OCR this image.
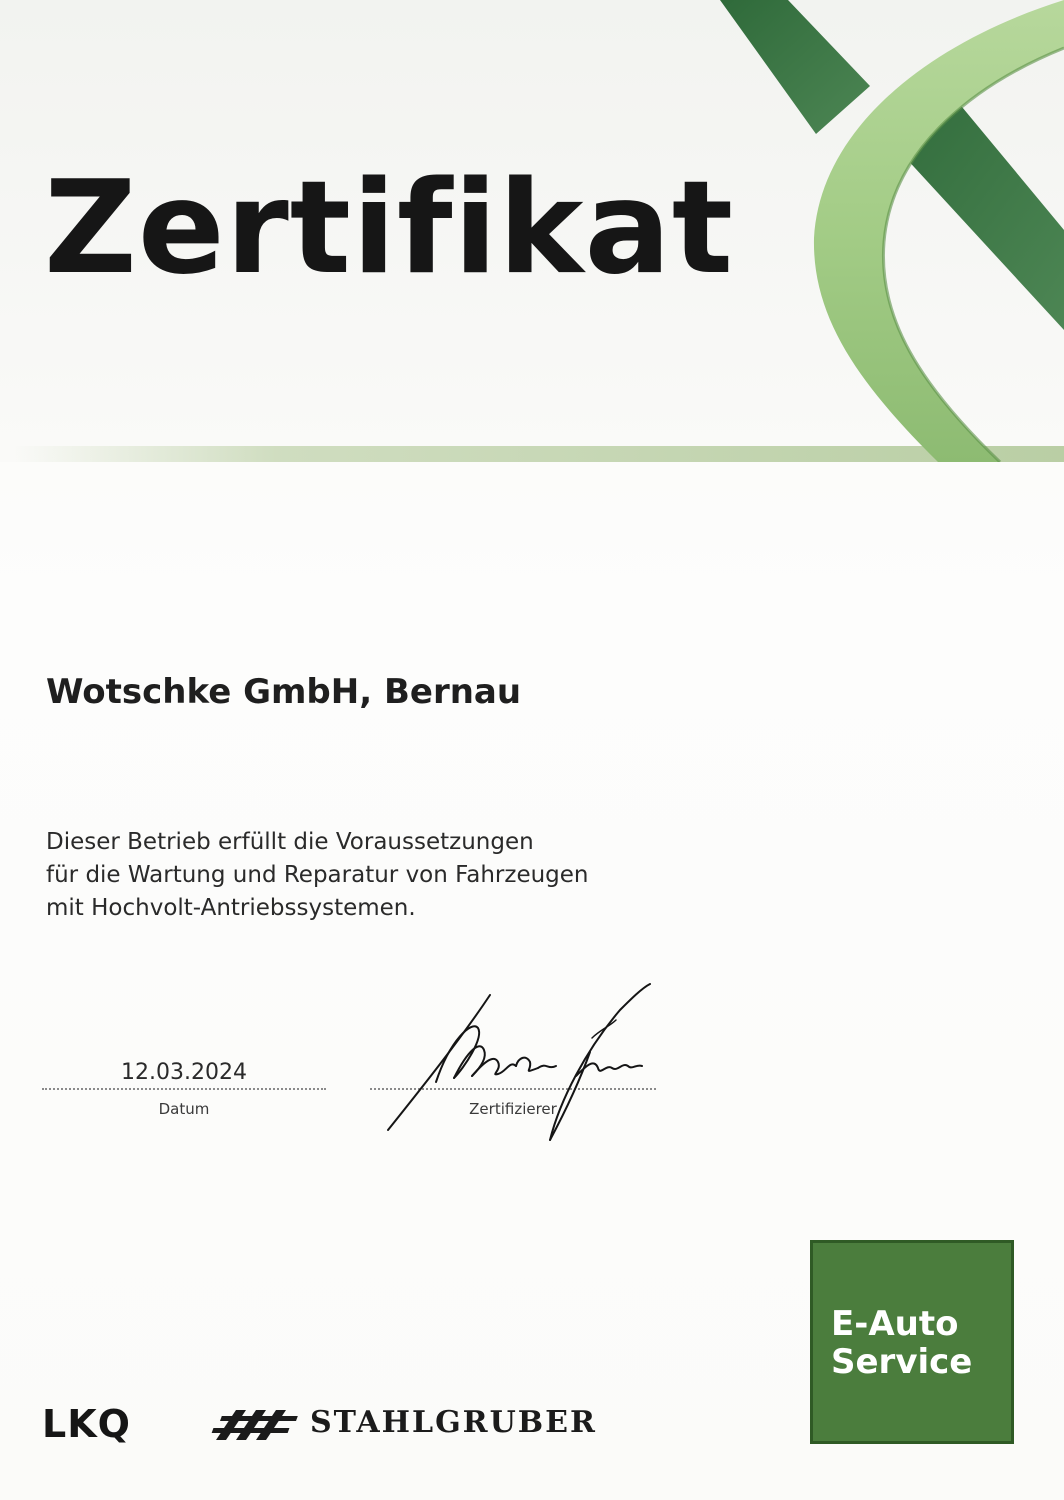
Zertifikat
Wotschke GmbH, Bernau
Dieser Betrieb erfüllt die Voraussetzungen
für die Wartung und Reparatur von Fahrzeugen
mit Hochvolt-Antriebssystemen.
12.03.2024
Datum	Zertifizierer
E-Auto
Service
LKQ	STAHLGRUBER
